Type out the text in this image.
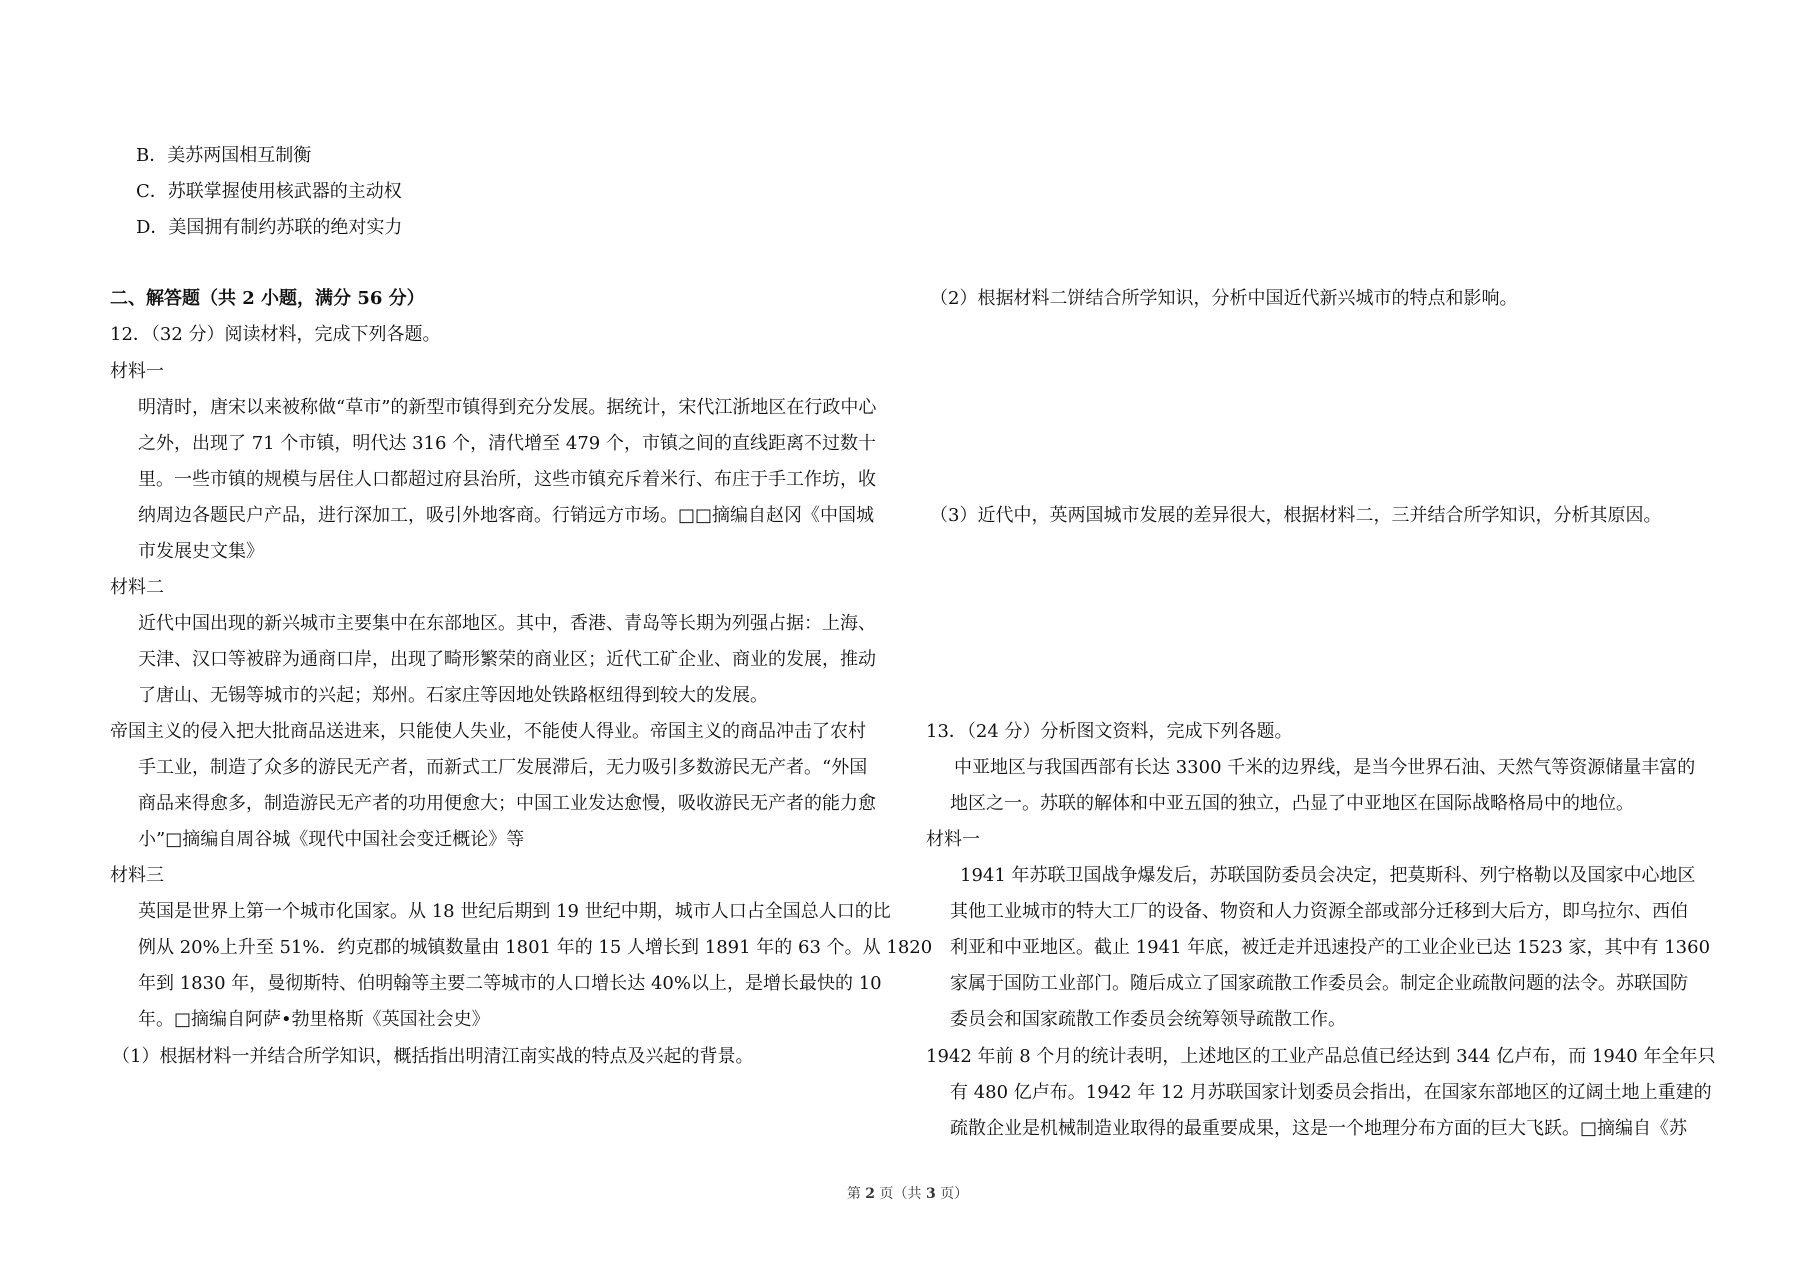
B．美苏两国相互制衡
C．苏联掌握使用核武器的主动权
D．美国拥有制约苏联的绝对实力
二、解答题（共 2 小题，满分 56 分）
12．（32 分）阅读材料，完成下列各题。
材料一
明清时，唐宋以来被称做“草市”的新型市镇得到充分发展。据统计，宋代江浙地区在行政中心
之外，出现了 71 个市镇，明代达 316 个，清代增至 479 个，市镇之间的直线距离不过数十
里。一些市镇的规模与居住人口都超过府县治所，这些市镇充斥着米行、布庄于手工作坊，收
纳周边各题民户产品，进行深加工，吸引外地客商。行销远方市场。□□摘编自赵冈《中国城
市发展史文集》
材料二
近代中国出现的新兴城市主要集中在东部地区。其中，香港、青岛等长期为列强占据：上海、
天津、汉口等被辟为通商口岸，出现了畸形繁荣的商业区；近代工矿企业、商业的发展，推动
了唐山、无锡等城市的兴起；郑州。石家庄等因地处铁路枢纽得到较大的发展。
帝国主义的侵入把大批商品送进来，只能使人失业，不能使人得业。帝国主义的商品冲击了农村
手工业，制造了众多的游民无产者，而新式工厂发展滞后，无力吸引多数游民无产者。“外国
商品来得愈多，制造游民无产者的功用便愈大；中国工业发达愈慢，吸收游民无产者的能力愈
小”□摘编自周谷城《现代中国社会变迁概论》等
材料三
英国是世界上第一个城市化国家。从 18 世纪后期到 19 世纪中期，城市人口占全国总人口的比
例从 20%上升至 51%．约克郡的城镇数量由 1801 年的 15 人增长到 1891 年的 63 个。从 1820
年到 1830 年，曼彻斯特、伯明翰等主要二等城市的人口增长达 40%以上，是增长最快的 10
年。□摘编自阿萨•勃里格斯《英国社会史》
（1）根据材料一并结合所学知识，概括指出明清江南实战的特点及兴起的背景。
（2）根据材料二饼结合所学知识，分析中国近代新兴城市的特点和影响。
（3）近代中，英两国城市发展的差异很大，根据材料二，三并结合所学知识，分析其原因。
13．（24 分）分析图文资料，完成下列各题。
中亚地区与我国西部有长达 3300 千米的边界线，是当今世界石油、天然气等资源储量丰富的
地区之一。苏联的解体和中亚五国的独立，凸显了中亚地区在国际战略格局中的地位。
材料一
1941 年苏联卫国战争爆发后，苏联国防委员会决定，把莫斯科、列宁格勒以及国家中心地区
其他工业城市的特大工厂的设备、物资和人力资源全部或部分迁移到大后方，即乌拉尔、西伯
利亚和中亚地区。截止 1941 年底，被迁走并迅速投产的工业企业已达 1523 家，其中有 1360
家属于国防工业部门。随后成立了国家疏散工作委员会。制定企业疏散问题的法令。苏联国防
委员会和国家疏散工作委员会统筹领导疏散工作。
1942 年前 8 个月的统计表明，上述地区的工业产品总值已经达到 344 亿卢布，而 1940 年全年只
有 480 亿卢布。1942 年 12 月苏联国家计划委员会指出，在国家东部地区的辽阔土地上重建的
疏散企业是机械制造业取得的最重要成果，这是一个地理分布方面的巨大飞跃。□摘编自《苏
第 2 页（共 3 页）
